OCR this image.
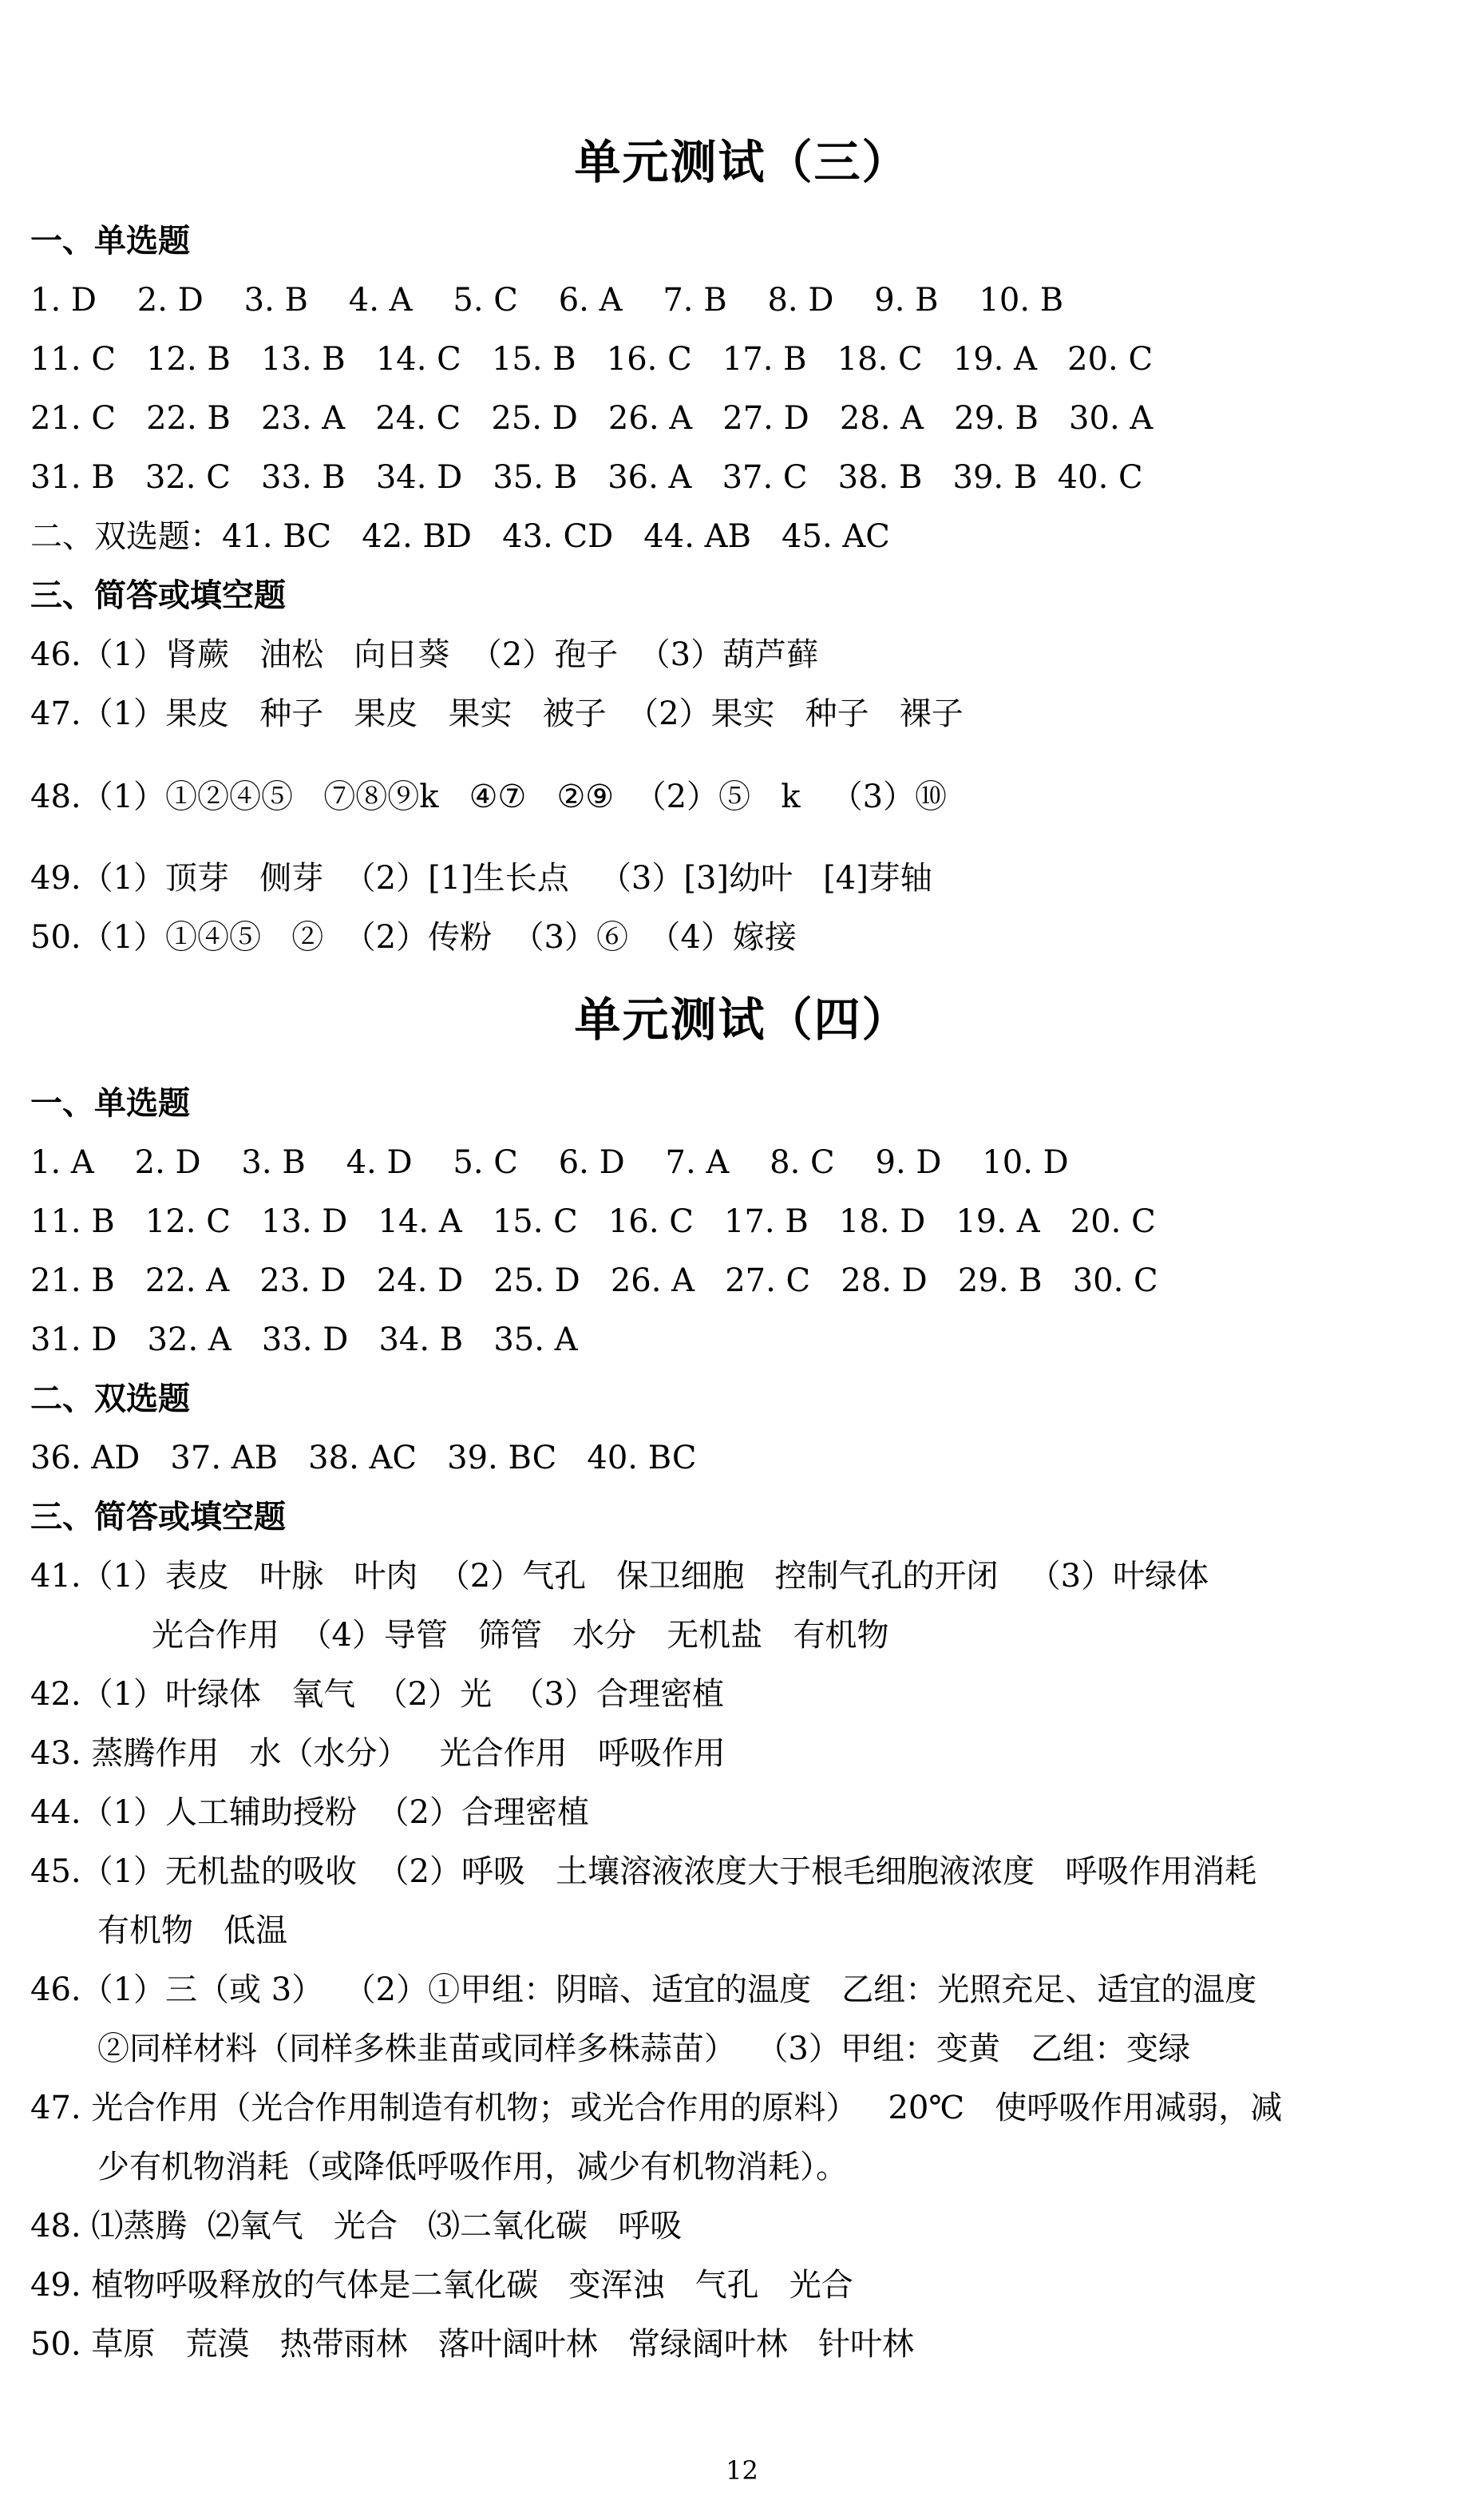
单元测试（三）
一、单选题
1. D    2. D    3. B    4. A    5. C    6. A    7. B    8. D    9. B    10. B
11. C   12. B   13. B   14. C   15. B   16. C   17. B   18. C   19. A   20. C
21. C   22. B   23. A   24. C   25. D   26. A   27. D   28. A   29. B   30. A
31. B   32. C   33. B   34. D   35. B   36. A   37. C   38. B   39. B  40. C
二、双选题：41. BC   42. BD   43. CD   44. AB   45. AC
三、简答或填空题
46.（1）肾蕨   油松   向日葵  （2）孢子  （3）葫芦藓
47.（1）果皮   种子   果皮   果实   被子  （2）果实   种子   裸子
48.（1）①②④⑤   ⑦⑧⑨k   ④⑦   ②⑨  （2）⑤   k   （3）⑩
49.（1）顶芽   侧芽  （2）[1]生长点   （3）[3]幼叶   [4]芽轴
50.（1）①④⑤   ②  （2）传粉  （3）⑥  （4）嫁接
单元测试（四）
一、单选题
1. A    2. D    3. B    4. D    5. C    6. D    7. A    8. C    9. D    10. D
11. B   12. C   13. D   14. A   15. C   16. C   17. B   18. D   19. A   20. C
21. B   22. A   23. D   24. D   25. D   26. A   27. C   28. D   29. B   30. C
31. D   32. A   33. D   34. B   35. A
二、双选题
36. AD   37. AB   38. AC   39. BC   40. BC
三、简答或填空题
41.（1）表皮   叶脉   叶肉  （2）气孔   保卫细胞   控制气孔的开闭   （3）叶绿体
光合作用  （4）导管   筛管   水分   无机盐   有机物
42.（1）叶绿体   氧气  （2）光  （3）合理密植
43. 蒸腾作用   水（水分）   光合作用   呼吸作用
44.（1）人工辅助授粉  （2）合理密植
45.（1）无机盐的吸收  （2）呼吸   土壤溶液浓度大于根毛细胞液浓度   呼吸作用消耗
有机物   低温
46.（1）三（或 3）  （2）①甲组：阴暗、适宜的温度   乙组：光照充足、适宜的温度
②同样材料（同样多株韭苗或同样多株蒜苗）  （3）甲组：变黄   乙组：变绿
47. 光合作用（光合作用制造有机物；或光合作用的原料）   20℃   使呼吸作用减弱，减
少有机物消耗（或降低呼吸作用，减少有机物消耗）。
48. ⑴蒸腾  ⑵氧气   光合   ⑶二氧化碳   呼吸
49. 植物呼吸释放的气体是二氧化碳   变浑浊   气孔   光合
50. 草原   荒漠   热带雨林   落叶阔叶林   常绿阔叶林   针叶林
12
